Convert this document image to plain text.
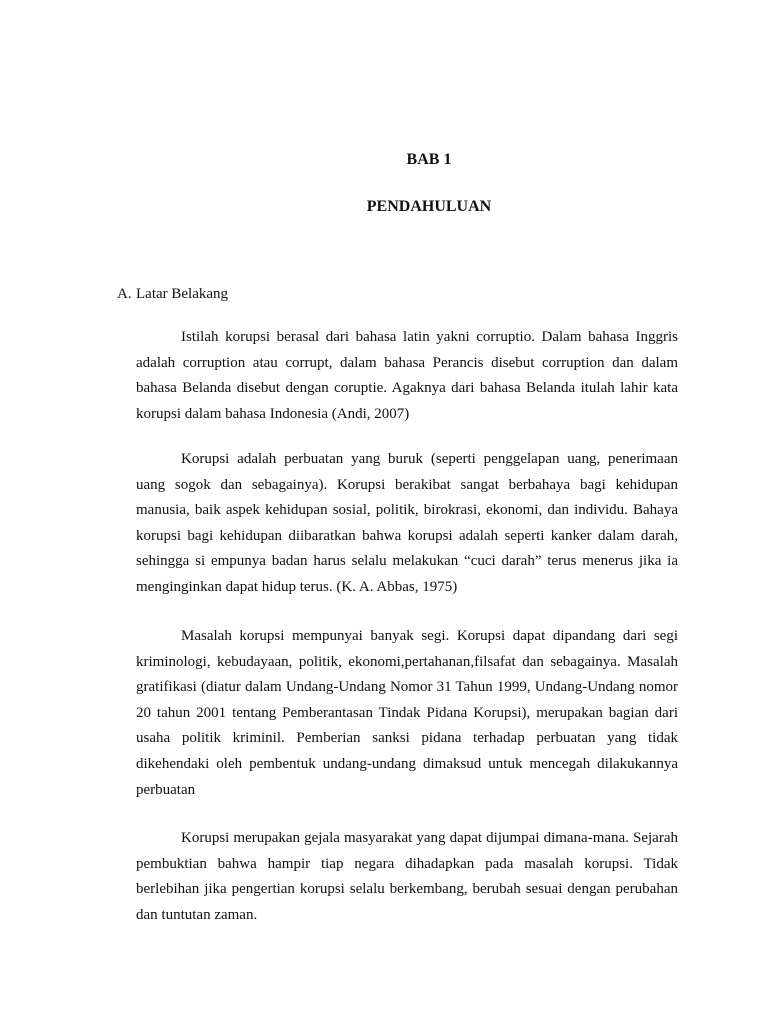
BAB 1
PENDAHULUAN
A. Latar Belakang

Istilah korupsi berasal dari bahasa latin yakni corruptio. Dalam bahasa Inggris adalah corruption atau corrupt, dalam bahasa Perancis disebut corruption dan dalam bahasa Belanda disebut dengan coruptie. Agaknya dari bahasa Belanda itulah lahir kata korupsi dalam bahasa Indonesia (Andi, 2007)

Korupsi adalah perbuatan yang buruk (seperti penggelapan uang, penerimaan uang sogok dan sebagainya). Korupsi berakibat sangat berbahaya bagi kehidupan manusia, baik aspek kehidupan sosial, politik, birokrasi, ekonomi, dan individu. Bahaya korupsi bagi kehidupan diibaratkan bahwa korupsi adalah seperti kanker dalam darah, sehingga si empunya badan harus selalu melakukan “cuci darah” terus menerus jika ia menginginkan dapat hidup terus. (K. A. Abbas, 1975)

Masalah korupsi mempunyai banyak segi. Korupsi dapat dipandang dari segi kriminologi, kebudayaan, politik, ekonomi,pertahanan,filsafat dan sebagainya. Masalah gratifikasi (diatur dalam Undang-Undang Nomor 31 Tahun 1999, Undang-Undang nomor 20 tahun 2001 tentang Pemberantasan Tindak Pidana Korupsi), merupakan bagian dari usaha politik kriminil. Pemberian sanksi pidana terhadap perbuatan yang tidak dikehendaki oleh pembentuk undang-undang dimaksud untuk mencegah dilakukannya perbuatan

Korupsi merupakan gejala masyarakat yang dapat dijumpai dimana-mana. Sejarah pembuktian bahwa hampir tiap negara dihadapkan pada masalah korupsi. Tidak berlebihan jika pengertian korupsi selalu berkembang, berubah sesuai dengan perubahan dan tuntutan zaman.
